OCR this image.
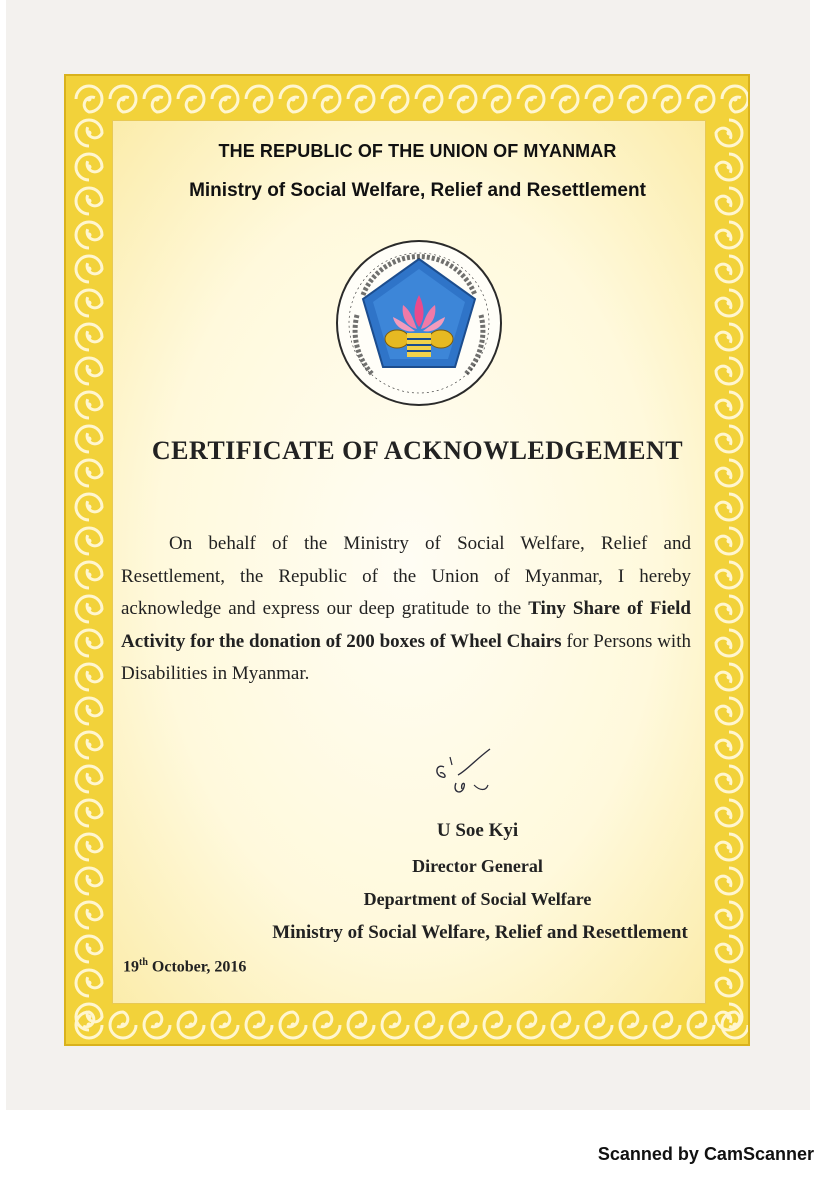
THE REPUBLIC OF THE UNION OF MYANMAR
Ministry of Social Welfare, Relief and Resettlement
CERTIFICATE OF ACKNOWLEDGEMENT
On behalf of the Ministry of Social Welfare, Relief and Resettlement, the Republic of the Union of Myanmar, I hereby acknowledge and express our deep gratitude to the Tiny Share of Field Activity for the donation of 200 boxes of Wheel Chairs for Persons with Disabilities in Myanmar.
U Soe Kyi
Director General
Department of Social Welfare
Ministry of Social Welfare, Relief and Resettlement
19th October, 2016
Scanned by CamScanner
